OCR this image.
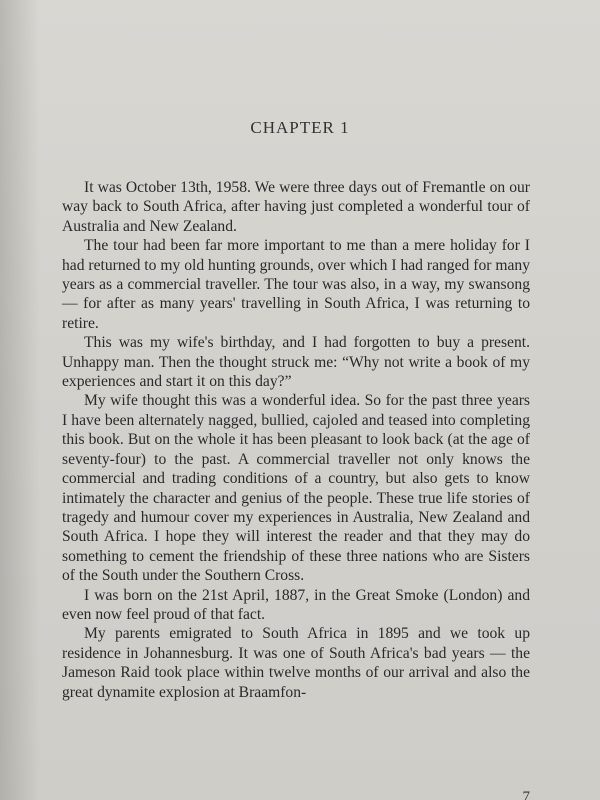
CHAPTER 1

It was October 13th, 1958. We were three days out of Fremantle on our way back to South Africa, after having just completed a wonderful tour of Australia and New Zealand.

The tour had been far more important to me than a mere holiday for I had returned to my old hunting grounds, over which I had ranged for many years as a commercial traveller. The tour was also, in a way, my swansong — for after as many years' travelling in South Africa, I was returning to retire.

This was my wife's birthday, and I had forgotten to buy a present. Unhappy man. Then the thought struck me: “Why not write a book of my experiences and start it on this day?”

My wife thought this was a wonderful idea. So for the past three years I have been alternately nagged, bullied, cajoled and teased into completing this book. But on the whole it has been pleasant to look back (at the age of seventy-four) to the past. A commercial traveller not only knows the commercial and trading conditions of a country, but also gets to know intimately the character and genius of the people. These true life stories of tragedy and humour cover my experiences in Australia, New Zealand and South Africa. I hope they will interest the reader and that they may do something to cement the friendship of these three nations who are Sisters of the South under the Southern Cross.

I was born on the 21st April, 1887, in the Great Smoke (London) and even now feel proud of that fact.

My parents emigrated to South Africa in 1895 and we took up residence in Johannesburg. It was one of South Africa's bad years — the Jameson Raid took place within twelve months of our arrival and also the great dynamite explosion at Braamfon-

7
